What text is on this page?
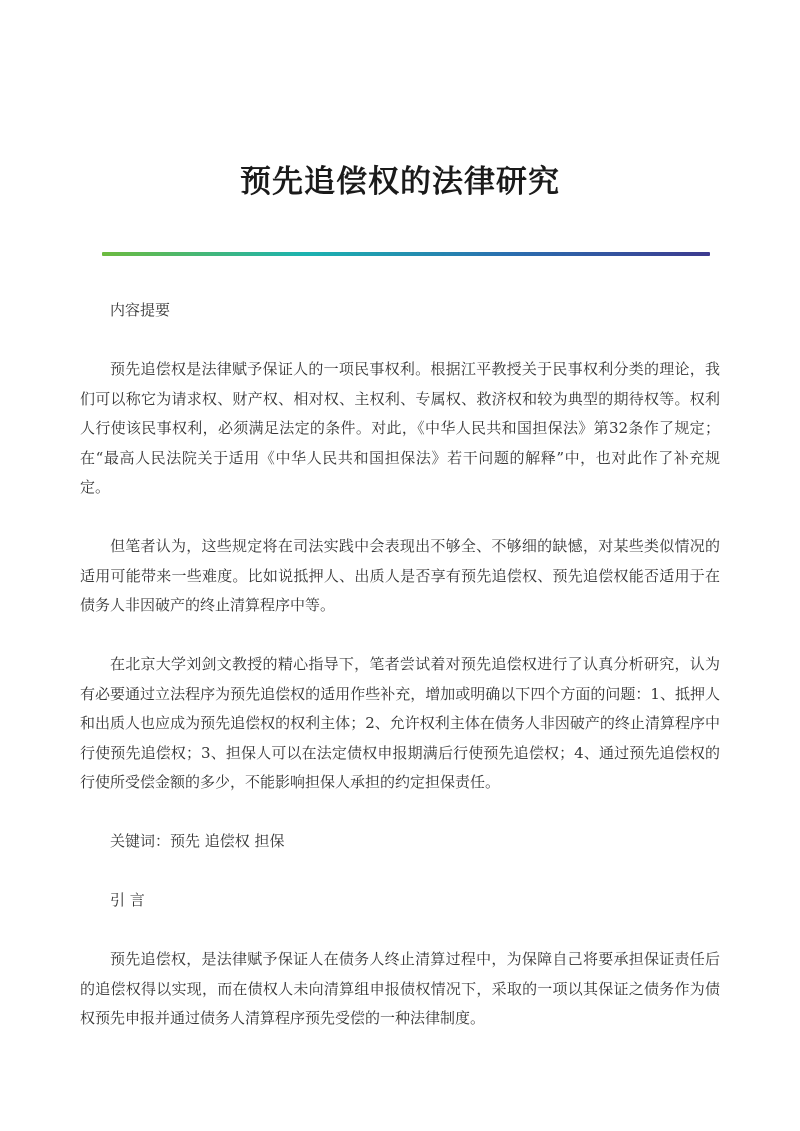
预先追偿权的法律研究

内容提要

预先追偿权是法律赋予保证人的一项民事权利。根据江平教授关于民事权利分类的理论，我们可以称它为请求权、财产权、相对权、主权利、专属权、救济权和较为典型的期待权等。权利人行使该民事权利，必须满足法定的条件。对此，《中华人民共和国担保法》第32条作了规定；在“最高人民法院关于适用《中华人民共和国担保法》若干问题的解释”中，也对此作了补充规定。

但笔者认为，这些规定将在司法实践中会表现出不够全、不够细的缺憾，对某些类似情况的适用可能带来一些难度。比如说抵押人、出质人是否享有预先追偿权、预先追偿权能否适用于在债务人非因破产的终止清算程序中等。

在北京大学刘剑文教授的精心指导下，笔者尝试着对预先追偿权进行了认真分析研究，认为有必要通过立法程序为预先追偿权的适用作些补充，增加或明确以下四个方面的问题：1、抵押人和出质人也应成为预先追偿权的权利主体；2、允许权利主体在债务人非因破产的终止清算程序中行使预先追偿权；3、担保人可以在法定债权申报期满后行使预先追偿权；4、通过预先追偿权的行使所受偿金额的多少，不能影响担保人承担的约定担保责任。

关键词：预先 追偿权 担保

引 言

预先追偿权，是法律赋予保证人在债务人终止清算过程中，为保障自己将要承担保证责任后的追偿权得以实现，而在债权人未向清算组申报债权情况下，采取的一项以其保证之债务作为债权预先申报并通过债务人清算程序预先受偿的一种法律制度。
